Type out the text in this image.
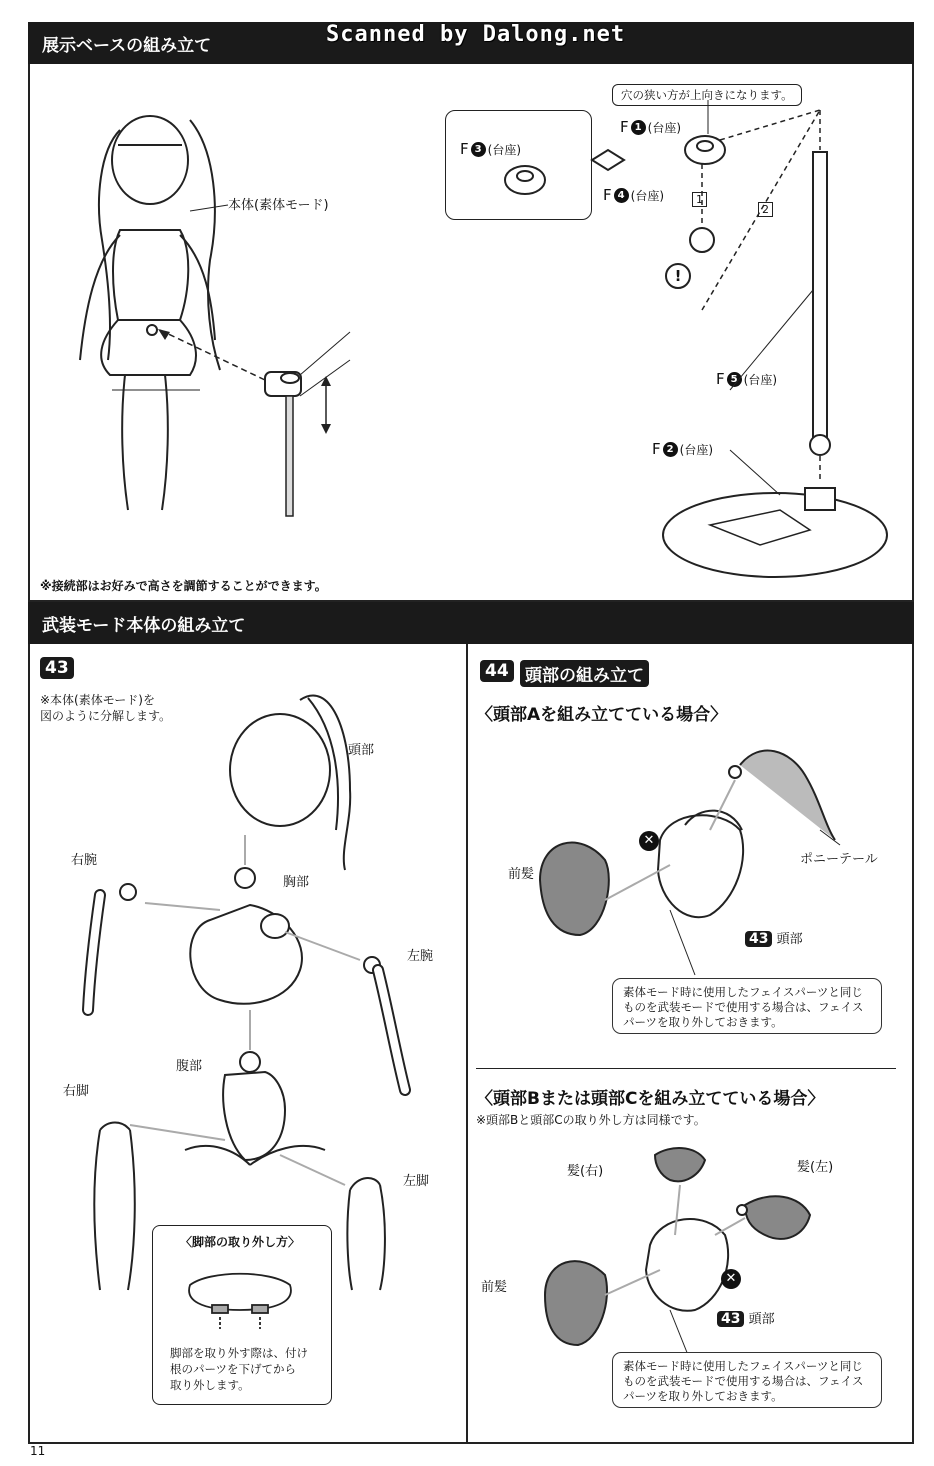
展示ベースの組み立て	Scanned by Dalong.net
本体(素体モード)
※接続部はお好みで高さを調節することができます。
穴の狭い方が上向きになります。
F 3 (台座)
F 1 (台座)
F 4 (台座)
F 5 (台座)
F 2 (台座)
1
2
!
武装モード本体の組み立て
43
※本体(素体モード)を
図のように分解します。
頭部
胸部
右腕
左腕
腹部
右脚
左脚
〈脚部の取り外し方〉
脚部を取り外す際は、付け
根のパーツを下げてから
取り外します。
44 頭部の組み立て
〈頭部Aを組み立てている場合〉
✕
ポニーテール
前髪
43 頭部
素体モード時に使用したフェイスパーツと同じ
ものを武装モードで使用する場合は、フェイス
パーツを取り外しておきます。
〈頭部Bまたは頭部Cを組み立てている場合〉
※頭部Bと頭部Cの取り外し方は同様です。
髪(右)	髪(左)
前髪
✕
43 頭部
素体モード時に使用したフェイスパーツと同じ
ものを武装モードで使用する場合は、フェイス
パーツを取り外しておきます。
11
